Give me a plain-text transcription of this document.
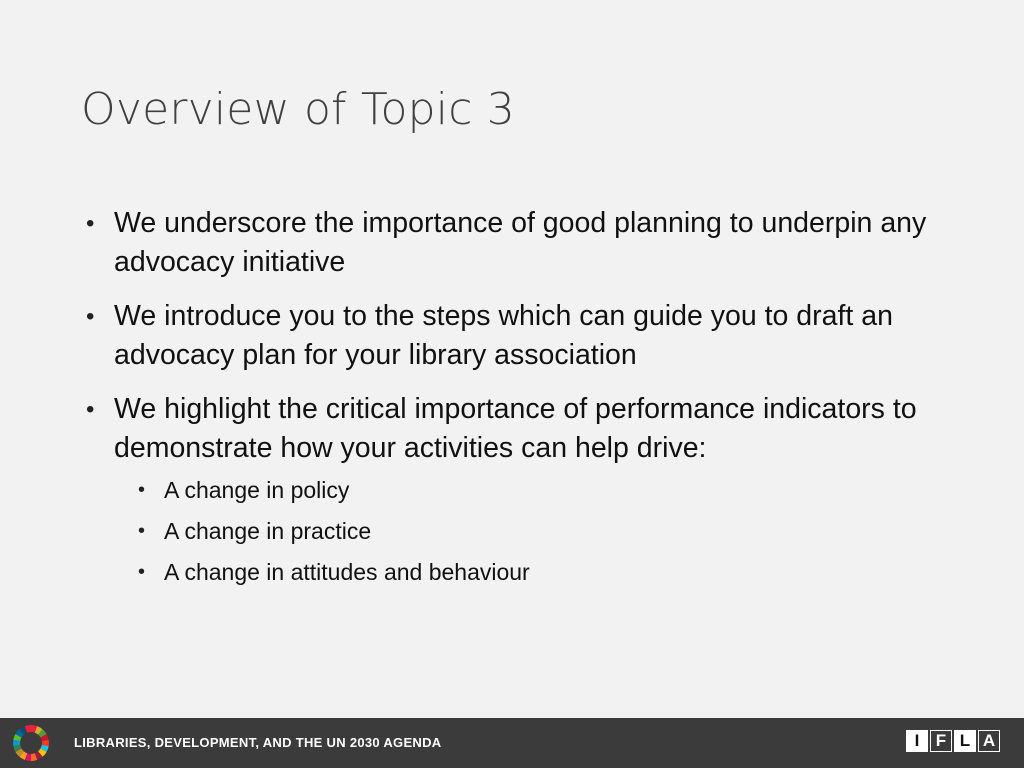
Overview of Topic 3
• We underscore the importance of good planning to underpin any advocacy initiative
• We introduce you to the steps which can guide you to draft an advocacy plan for your library association
• We highlight the critical importance of performance indicators to demonstrate how your activities can help drive:
• A change in policy
• A change in practice
• A change in attitudes and behaviour
LIBRARIES, DEVELOPMENT, AND THE UN 2030 AGENDA	I F L A
